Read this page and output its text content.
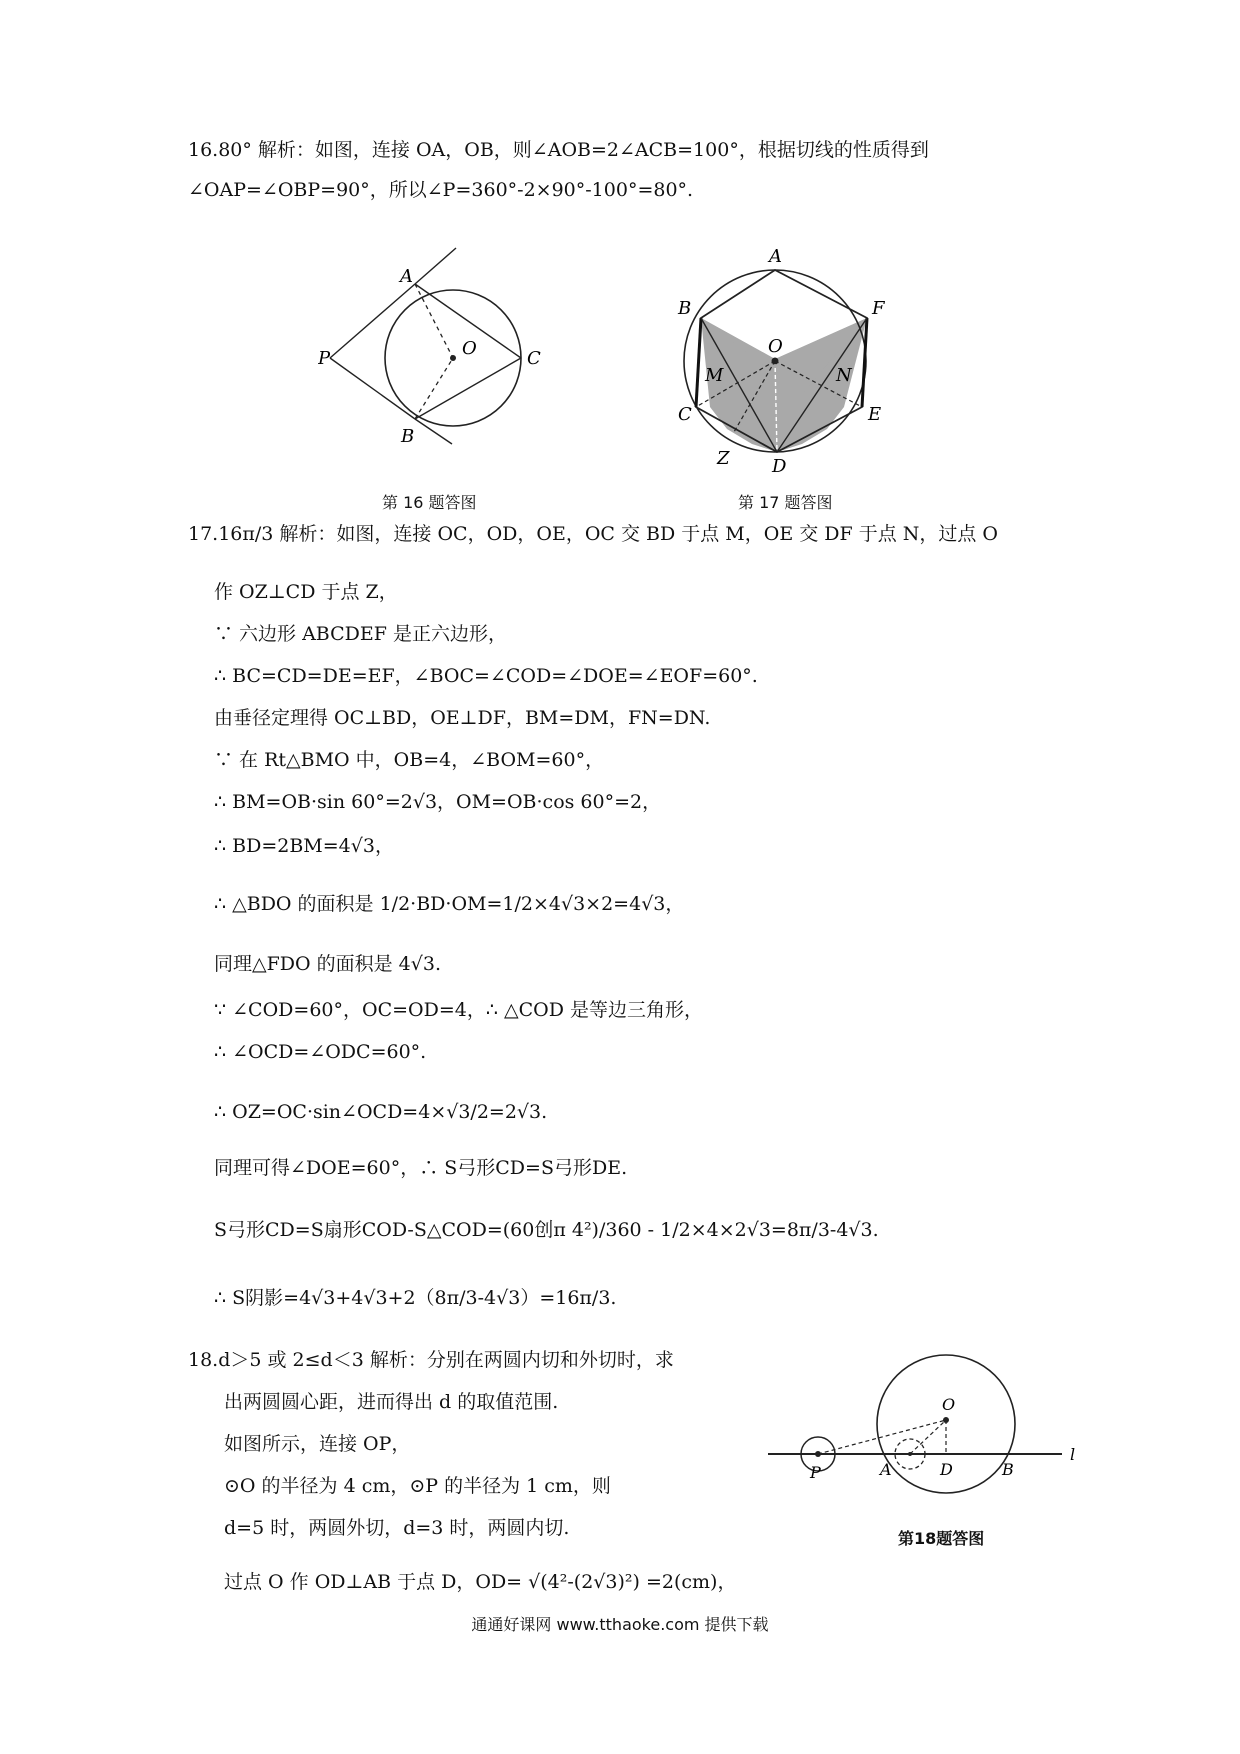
16.80° 解析：如图，连接 OA，OB，则∠AOB=2∠ACB=100°，根据切线的性质得到
∠OAP=∠OBP=90°，所以∠P=360°-2×90°-100°=80°.
A
B
P	O	C
第 16 题答图
A
B	F
O
M	N
C	E
Z D
第 17 题答图
17.16π/3 解析：如图，连接 OC，OD，OE，OC 交 BD 于点 M，OE 交 DF 于点 N，过点 O
作 OZ⊥CD 于点 Z，
∵ 六边形 ABCDEF 是正六边形，
∴ BC=CD=DE=EF，∠BOC=∠COD=∠DOE=∠EOF=60°.
由垂径定理得 OC⊥BD，OE⊥DF，BM=DM，FN=DN.
∵ 在 Rt△BMO 中，OB=4，∠BOM=60°，
∴ BM=OB·sin 60°=2√3，OM=OB·cos 60°=2，
∴ BD=2BM=4√3，
∴ △BDO 的面积是 1/2·BD·OM=1/2×4√3×2=4√3，
同理△FDO 的面积是 4√3.
∵ ∠COD=60°，OC=OD=4，∴ △COD 是等边三角形，
∴ ∠OCD=∠ODC=60°.
∴ OZ=OC·sin∠OCD=4×√3/2=2√3.
同理可得∠DOE=60°，∴ S弓形CD=S弓形DE.
S弓形CD=S扇形COD-S△COD=(60创π 4²)/360 - 1/2×4×2√3=8π/3-4√3.
∴ S阴影=4√3+4√3+2（8π/3-4√3）=16π/3.
18.d＞5 或 2≤d＜3 解析：分别在两圆内切和外切时，求
出两圆圆心距，进而得出 d 的取值范围.
如图所示，连接 OP，
⊙O 的半径为 4 cm，⊙P 的半径为 1 cm，则
d=5 时，两圆外切，d=3 时，两圆内切.
过点 O 作 OD⊥AB 于点 D，OD= √(4²-(2√3)²) =2(cm)，
O
P	A	D	B
l
第18题答图
通通好课网 www.tthaoke.com 提供下载
